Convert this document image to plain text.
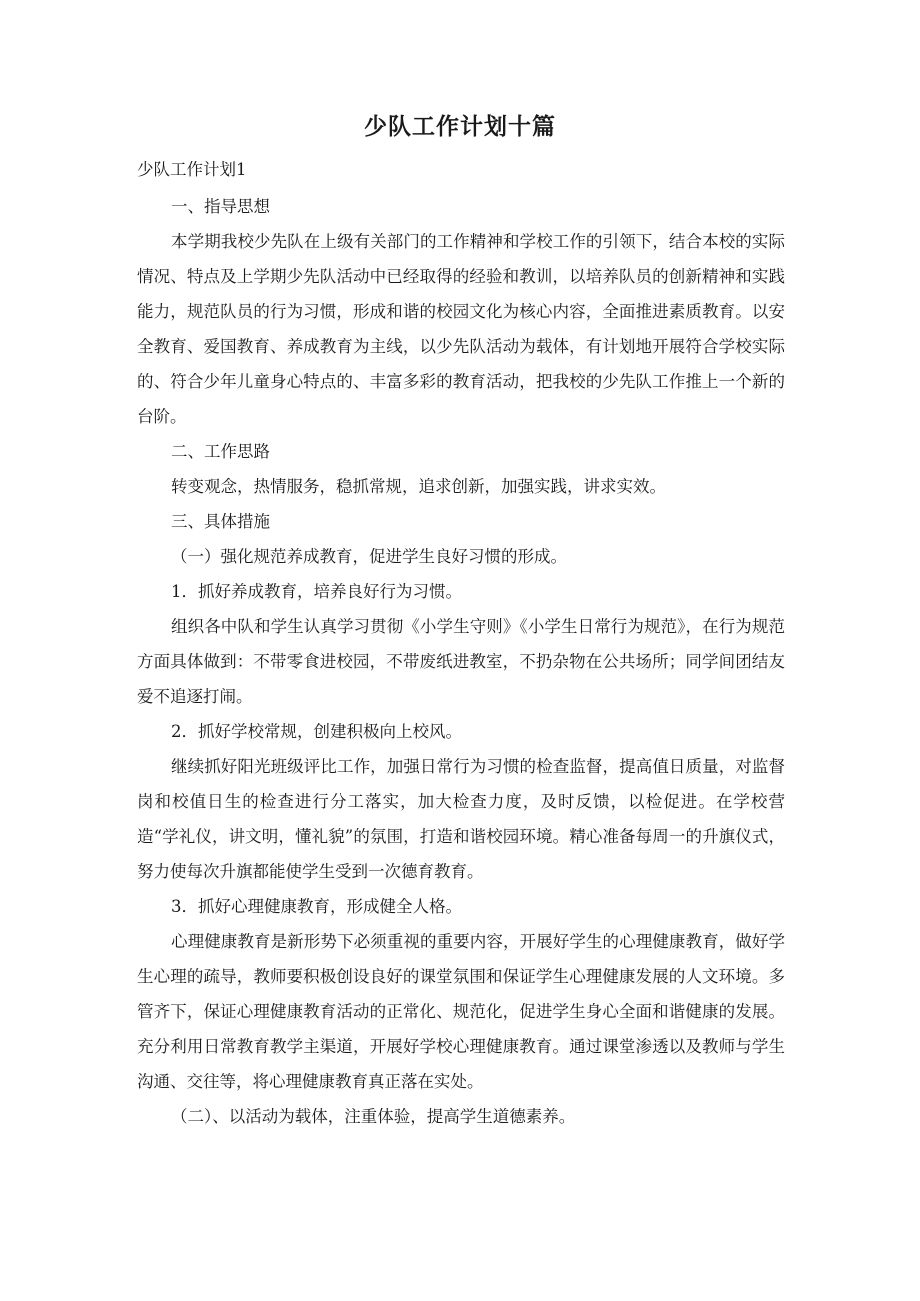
少队工作计划十篇

少队工作计划1

一、指导思想

本学期我校少先队在上级有关部门的工作精神和学校工作的引领下，结合本校的实际情况、特点及上学期少先队活动中已经取得的经验和教训，以培养队员的创新精神和实践能力，规范队员的行为习惯，形成和谐的校园文化为核心内容，全面推进素质教育。以安全教育、爱国教育、养成教育为主线，以少先队活动为载体，有计划地开展符合学校实际的、符合少年儿童身心特点的、丰富多彩的教育活动，把我校的少先队工作推上一个新的台阶。

二、工作思路

转变观念，热情服务，稳抓常规，追求创新，加强实践，讲求实效。

三、具体措施

（一）强化规范养成教育，促进学生良好习惯的形成。

1．抓好养成教育，培养良好行为习惯。

组织各中队和学生认真学习贯彻《小学生守则》《小学生日常行为规范》，在行为规范方面具体做到：不带零食进校园，不带废纸进教室，不扔杂物在公共场所；同学间团结友爱不追逐打闹。

2．抓好学校常规，创建积极向上校风。

继续抓好阳光班级评比工作，加强日常行为习惯的检查监督，提高值日质量，对监督岗和校值日生的检查进行分工落实，加大检查力度，及时反馈，以检促进。在学校营造“学礼仪，讲文明，懂礼貌”的氛围，打造和谐校园环境。精心准备每周一的升旗仪式，努力使每次升旗都能使学生受到一次德育教育。

3．抓好心理健康教育，形成健全人格。

心理健康教育是新形势下必须重视的重要内容，开展好学生的心理健康教育，做好学生心理的疏导，教师要积极创设良好的课堂氛围和保证学生心理健康发展的人文环境。多管齐下，保证心理健康教育活动的正常化、规范化，促进学生身心全面和谐健康的发展。充分利用日常教育教学主渠道，开展好学校心理健康教育。通过课堂渗透以及教师与学生沟通、交往等，将心理健康教育真正落在实处。

（二）、以活动为载体，注重体验，提高学生道德素养。
